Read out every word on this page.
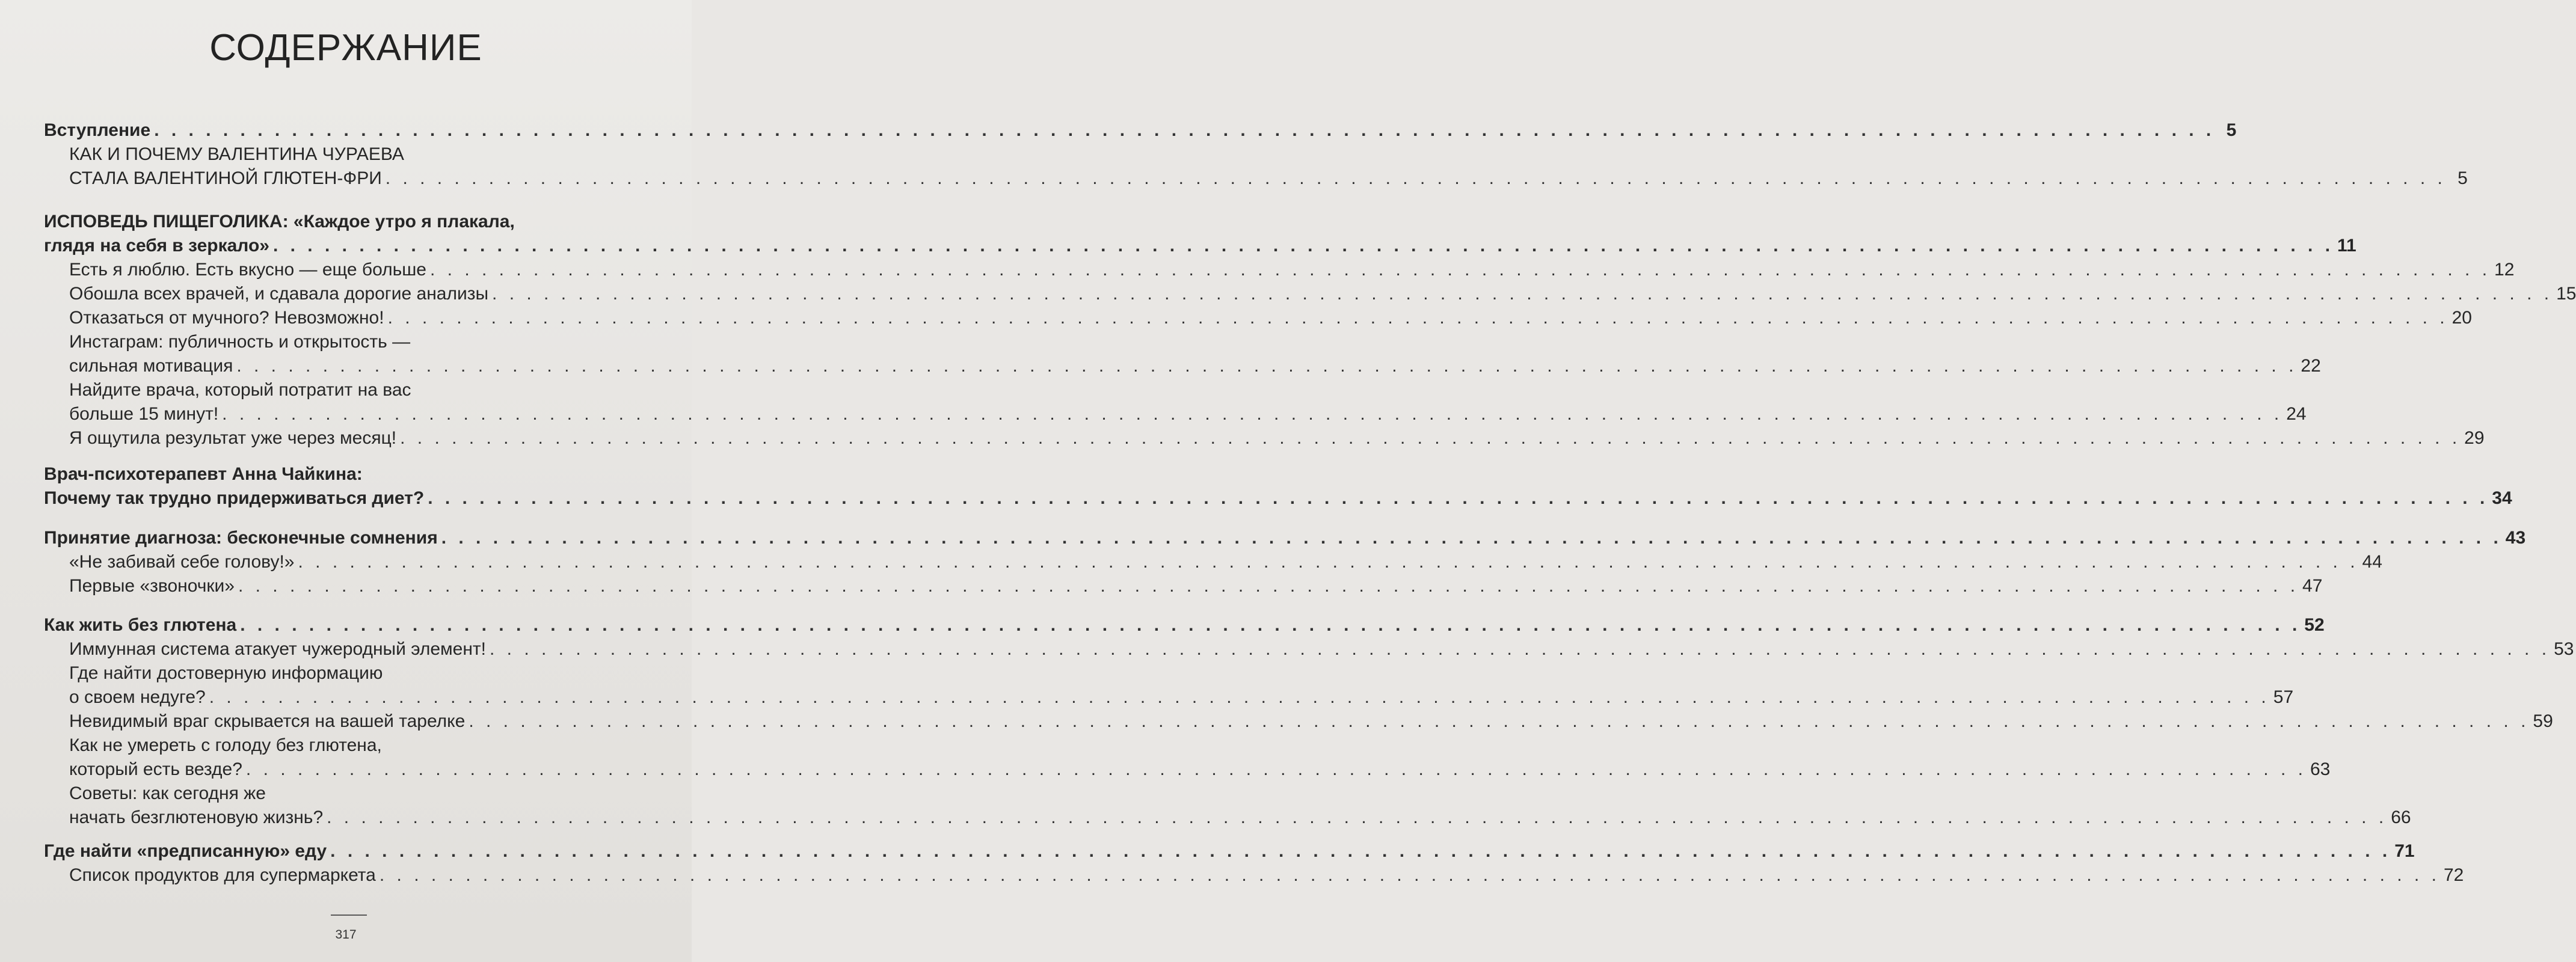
СОДЕРЖАНИЕ
Вступление . . . . . . . . . . . . . . . . . . . . . . . . . . . . . . . . . . . . . . . . . . . . . . . . . . . . . . . . . . . . . . . . . . . . . . . . . . . . . . . . . . . . . . . . . . . . . . . . . . . . . . . . . . . . . . . . . . . . . . . . 5
КАК И ПОЧЕМУ ВАЛЕНТИНА ЧУРАЕВА
СТАЛА ВАЛЕНТИНОЙ ГЛЮТЕН-ФРИ . . . . . . . . . . . . . . . . . . . . . . . . . . . . . . . . . . . . . . . . . . . . . . . . . . . . . . . . . . . . . . . . . . . . . . . . . . . . . . . . . . . . . . . . . . . . . . . . . . . . . . . . . . . . . . . . . . . . . . . . 5
ИСПОВЕДЬ ПИЩЕГОЛИКА: «Каждое утро я плакала,
глядя на себя в зеркало» . . . . . . . . . . . . . . . . . . . . . . . . . . . . . . . . . . . . . . . . . . . . . . . . . . . . . . . . . . . . . . . . . . . . . . . . . . . . . . . . . . . . . . . . . . . . . . . . . . . . . . . . . . . . . . . . . . . . . . . . 11
Есть я люблю. Есть вкусно — еще больше . . . . . . . . . . . . . . . . . . . . . . . . . . . . . . . . . . . . . . . . . . . . . . . . . . . . . . . . . . . . . . . . . . . . . . . . . . . . . . . . . . . . . . . . . . . . . . . . . . . . . . . . . . . . . . . . . . . . . . . . 12
Обошла всех врачей, и сдавала дорогие анализы . . . . . . . . . . . . . . . . . . . . . . . . . . . . . . . . . . . . . . . . . . . . . . . . . . . . . . . . . . . . . . . . . . . . . . . . . . . . . . . . . . . . . . . . . . . . . . . . . . . . . . . . . . . . . . . . . . . . . . . . 15
Отказаться от мучного? Невозможно! . . . . . . . . . . . . . . . . . . . . . . . . . . . . . . . . . . . . . . . . . . . . . . . . . . . . . . . . . . . . . . . . . . . . . . . . . . . . . . . . . . . . . . . . . . . . . . . . . . . . . . . . . . . . . . . . . . . . . . . . 20
Инстаграм: публичность и открытость —
сильная мотивация . . . . . . . . . . . . . . . . . . . . . . . . . . . . . . . . . . . . . . . . . . . . . . . . . . . . . . . . . . . . . . . . . . . . . . . . . . . . . . . . . . . . . . . . . . . . . . . . . . . . . . . . . . . . . . . . . . . . . . . . 22
Найдите врача, который потратит на вас
больше 15 минут! . . . . . . . . . . . . . . . . . . . . . . . . . . . . . . . . . . . . . . . . . . . . . . . . . . . . . . . . . . . . . . . . . . . . . . . . . . . . . . . . . . . . . . . . . . . . . . . . . . . . . . . . . . . . . . . . . . . . . . . . 24
Я ощутила результат уже через месяц! . . . . . . . . . . . . . . . . . . . . . . . . . . . . . . . . . . . . . . . . . . . . . . . . . . . . . . . . . . . . . . . . . . . . . . . . . . . . . . . . . . . . . . . . . . . . . . . . . . . . . . . . . . . . . . . . . . . . . . . . 29
Врач-психотерапевт Анна Чайкина:
Почему так трудно придерживаться диет? . . . . . . . . . . . . . . . . . . . . . . . . . . . . . . . . . . . . . . . . . . . . . . . . . . . . . . . . . . . . . . . . . . . . . . . . . . . . . . . . . . . . . . . . . . . . . . . . . . . . . . . . . . . . . . . . . . . . . . . . 34
Принятие диагноза: бесконечные сомнения . . . . . . . . . . . . . . . . . . . . . . . . . . . . . . . . . . . . . . . . . . . . . . . . . . . . . . . . . . . . . . . . . . . . . . . . . . . . . . . . . . . . . . . . . . . . . . . . . . . . . . . . . . . . . . . . . . . . . . . . 43
«Не забивай себе голову!» . . . . . . . . . . . . . . . . . . . . . . . . . . . . . . . . . . . . . . . . . . . . . . . . . . . . . . . . . . . . . . . . . . . . . . . . . . . . . . . . . . . . . . . . . . . . . . . . . . . . . . . . . . . . . . . . . . . . . . . . 44
Первые «звоночки» . . . . . . . . . . . . . . . . . . . . . . . . . . . . . . . . . . . . . . . . . . . . . . . . . . . . . . . . . . . . . . . . . . . . . . . . . . . . . . . . . . . . . . . . . . . . . . . . . . . . . . . . . . . . . . . . . . . . . . . . 47
Как жить без глютена . . . . . . . . . . . . . . . . . . . . . . . . . . . . . . . . . . . . . . . . . . . . . . . . . . . . . . . . . . . . . . . . . . . . . . . . . . . . . . . . . . . . . . . . . . . . . . . . . . . . . . . . . . . . . . . . . . . . . . . . 52
Иммунная система атакует чужеродный элемент! . . . . . . . . . . . . . . . . . . . . . . . . . . . . . . . . . . . . . . . . . . . . . . . . . . . . . . . . . . . . . . . . . . . . . . . . . . . . . . . . . . . . . . . . . . . . . . . . . . . . . . . . . . . . . . . . . . . . . . . . 53
Где найти достоверную информацию
о своем недуге? . . . . . . . . . . . . . . . . . . . . . . . . . . . . . . . . . . . . . . . . . . . . . . . . . . . . . . . . . . . . . . . . . . . . . . . . . . . . . . . . . . . . . . . . . . . . . . . . . . . . . . . . . . . . . . . . . . . . . . . . 57
Невидимый враг скрывается на вашей тарелке . . . . . . . . . . . . . . . . . . . . . . . . . . . . . . . . . . . . . . . . . . . . . . . . . . . . . . . . . . . . . . . . . . . . . . . . . . . . . . . . . . . . . . . . . . . . . . . . . . . . . . . . . . . . . . . . . . . . . . . . 59
Как не умереть с голоду без глютена,
который есть везде? . . . . . . . . . . . . . . . . . . . . . . . . . . . . . . . . . . . . . . . . . . . . . . . . . . . . . . . . . . . . . . . . . . . . . . . . . . . . . . . . . . . . . . . . . . . . . . . . . . . . . . . . . . . . . . . . . . . . . . . . 63
Советы: как сегодня же
начать безглютеновую жизнь? . . . . . . . . . . . . . . . . . . . . . . . . . . . . . . . . . . . . . . . . . . . . . . . . . . . . . . . . . . . . . . . . . . . . . . . . . . . . . . . . . . . . . . . . . . . . . . . . . . . . . . . . . . . . . . . . . . . . . . . . 66
Где найти «предписанную» еду . . . . . . . . . . . . . . . . . . . . . . . . . . . . . . . . . . . . . . . . . . . . . . . . . . . . . . . . . . . . . . . . . . . . . . . . . . . . . . . . . . . . . . . . . . . . . . . . . . . . . . . . . . . . . . . . . . . . . . . . 71
Список продуктов для супермаркета . . . . . . . . . . . . . . . . . . . . . . . . . . . . . . . . . . . . . . . . . . . . . . . . . . . . . . . . . . . . . . . . . . . . . . . . . . . . . . . . . . . . . . . . . . . . . . . . . . . . . . . . . . . . . . . . . . . . . . . . 72
317
